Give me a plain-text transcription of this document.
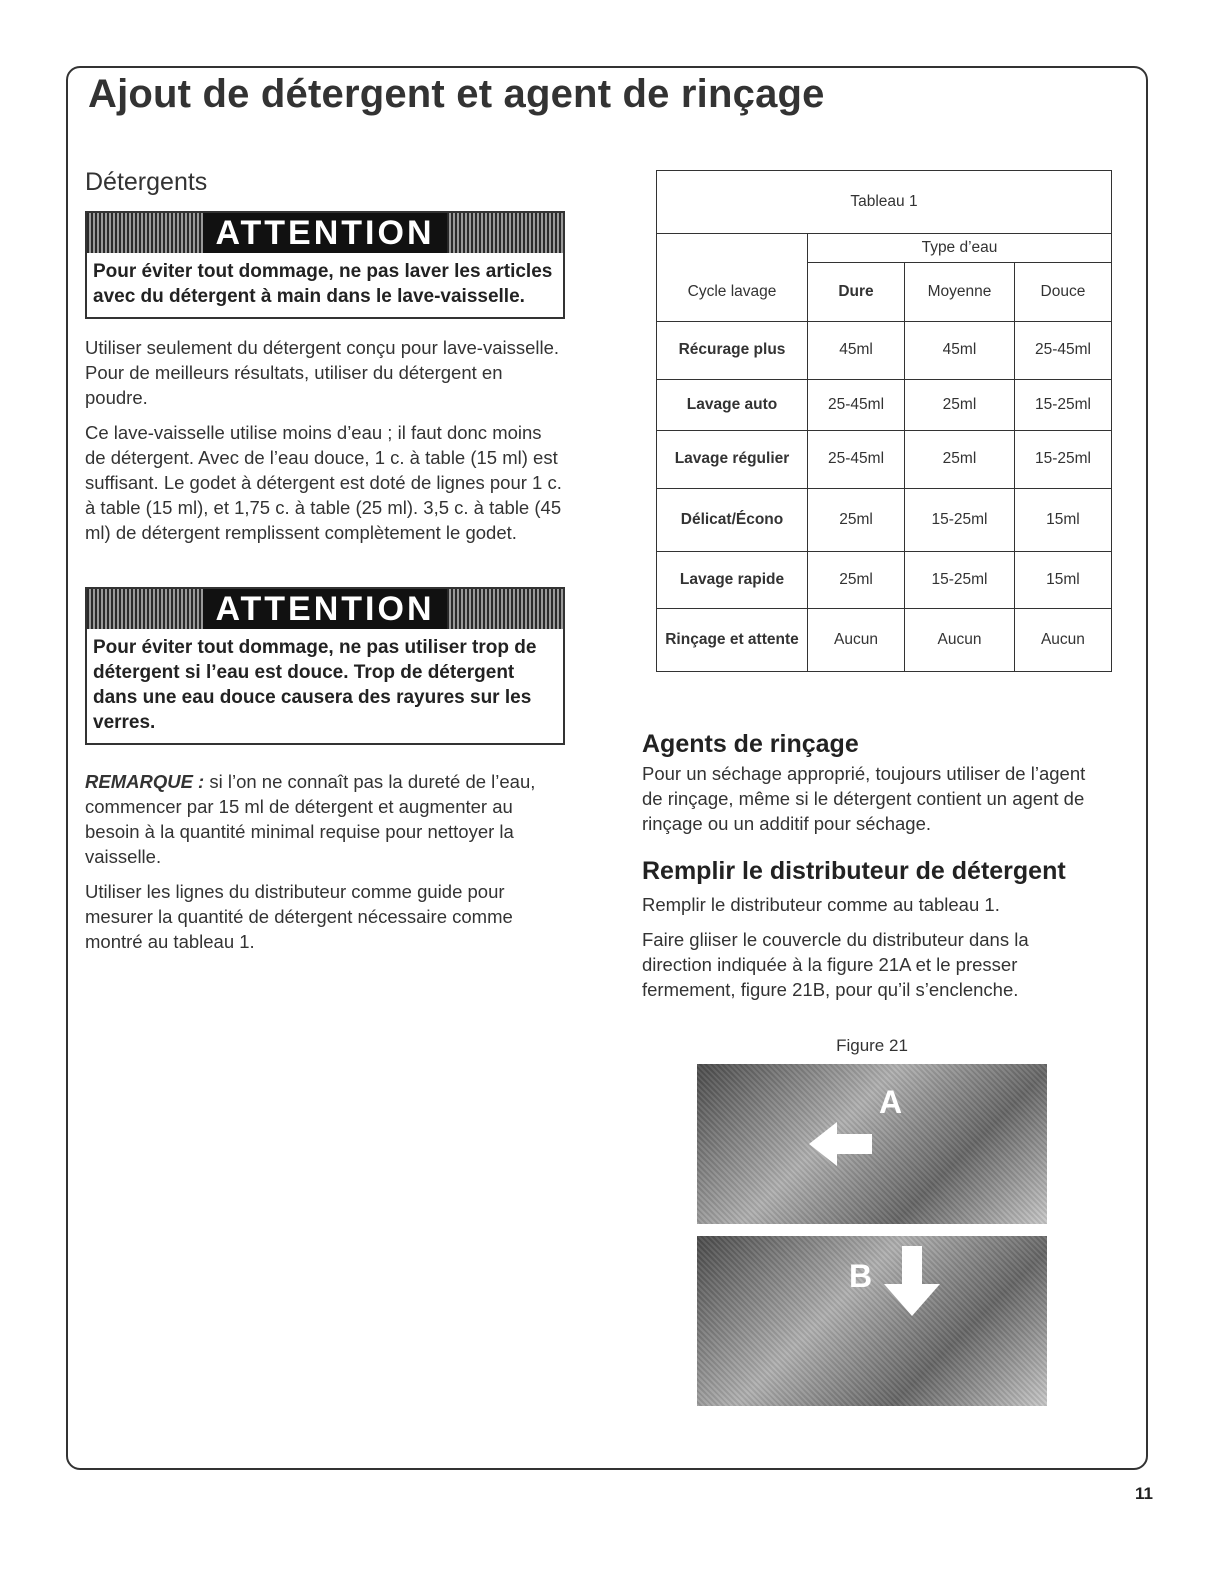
Ajout de détergent et agent de rinçage
Détergents
ATTENTION
Pour éviter tout dommage, ne pas laver les articles avec du détergent à main dans le lave-vaisselle.

Utiliser seulement du détergent conçu pour lave-vaisselle. Pour de meilleurs résultats, utiliser du détergent en poudre.

Ce lave-vaisselle utilise moins d’eau ; il faut donc moins de détergent. Avec de l’eau douce, 1 c. à table (15 ml) est suffisant. Le godet à détergent est doté de lignes pour 1 c. à table (15 ml), et 1,75 c. à table (25 ml). 3,5 c. à table (45 ml) de détergent remplissent complètement le godet.

ATTENTION
Pour éviter tout dommage, ne pas utiliser trop de détergent si l’eau est douce. Trop de détergent dans une eau douce causera des rayures sur les verres.

REMARQUE : si l’on ne connaît pas la dureté de l’eau, commencer par 15 ml de détergent et augmenter au besoin à la quantité minimal requise pour nettoyer la vaisselle.

Utiliser les lignes du distributeur comme guide pour mesurer la quantité de détergent nécessaire comme montré au tableau 1.

Tableau 1			
	Type d’eau		
Cycle lavage	Dure	Moyenne	Douce
Récurage plus	45ml	45ml	25-45ml
Lavage auto	25-45ml	25ml	15-25ml
Lavage régulier	25-45ml	25ml	15-25ml
Délicat/Écono	25ml	15-25ml	15ml
Lavage rapide	25ml	15-25ml	15ml
Rinçage et attente	Aucun	Aucun	Aucun
Agents de rinçage

Pour un séchage approprié, toujours utiliser de l’agent de rinçage, même si le détergent contient un agent de rinçage ou un additif pour séchage.

Remplir le distributeur de détergent

Remplir le distributeur comme au tableau 1.

Faire gliiser le couvercle du distributeur dans la direction indiquée à la figure 21A et le presser fermement, figure 21B, pour qu’il s’enclenche.

Figure 21
A
B
11
